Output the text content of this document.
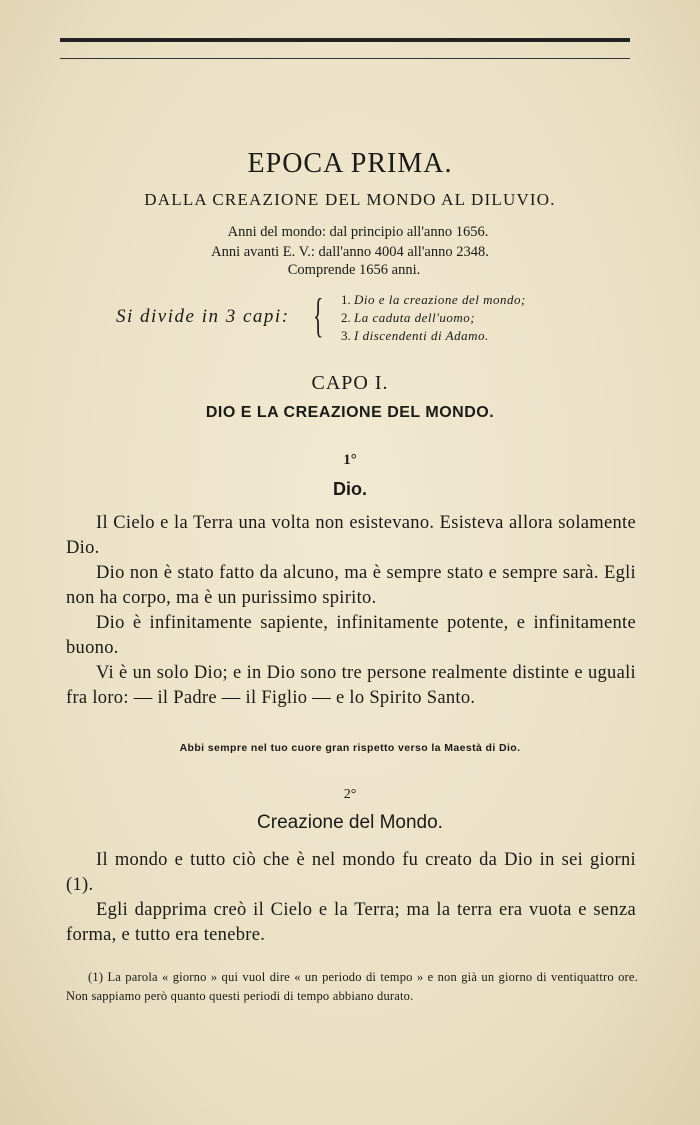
EPOCA PRIMA.
DALLA CREAZIONE DEL MONDO AL DILUVIO.
Anni del mondo: dal principio all'anno 1656.
Anni avanti E. V.: dall'anno 4004 all'anno 2348.
Comprende 1656 anni.
Si divide in 3 capi: { 1. Dio e la creazione del mondo;
2. La caduta dell'uomo;
3. I discendenti di Adamo.
CAPO I.
DIO E LA CREAZIONE DEL MONDO.
1°
Dio.
Il Cielo e la Terra una volta non esistevano. Esisteva allora solamente Dio.
Dio non è stato fatto da alcuno, ma è sempre stato e sempre sarà. Egli non ha corpo, ma è un purissimo spirito.
Dio è infinitamente sapiente, infinitamente potente, e infinitamente buono.
Vi è un solo Dio; e in Dio sono tre persone realmente distinte e uguali fra loro: — il Padre — il Figlio — e lo Spirito Santo.
Abbi sempre nel tuo cuore gran rispetto verso la Maestà di Dio.
2°
Creazione del Mondo.
Il mondo e tutto ciò che è nel mondo fu creato da Dio in sei giorni (1).
Egli dapprima creò il Cielo e la Terra; ma la terra era vuota e senza forma, e tutto era tenebre.
(1) La parola « giorno » qui vuol dire « un periodo di tempo » e non già un giorno di ventiquattro ore. Non sappiamo però quanto questi periodi di tempo abbiano durato.
